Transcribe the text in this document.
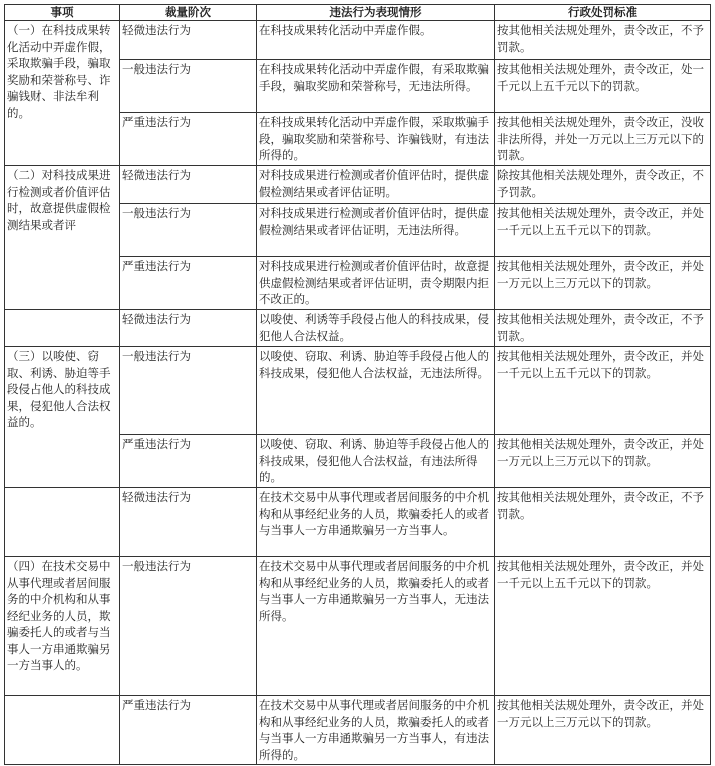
事项	裁量阶次	违法行为表现情形	行政处罚标准
（一）在科技成果转化活动中弄虚作假，采取欺骗手段，骗取奖励和荣誉称号、诈骗钱财、非法牟利的。	轻微违法行为	在科技成果转化活动中弄虚作假。	按其他相关法规处理外，责令改正，不予罚款。
	一般违法行为	在科技成果转化活动中弄虚作假，有采取欺骗手段，骗取奖励和荣誉称号，无违法所得。	按其他相关法规处理外，责令改正，处一千元以上五千元以下的罚款。
	严重违法行为	在科技成果转化活动中弄虚作假，采取欺骗手段，骗取奖励和荣誉称号、诈骗钱财，有违法所得的。	按其他相关法规处理外，责令改正，没收非法所得，并处一万元以上三万元以下的罚款。
（二）对科技成果进行检测或者价值评估时，故意提供虚假检测结果或者评	轻微违法行为	对科技成果进行检测或者价值评估时，提供虚假检测结果或者评估证明。	除按其他相关法规处理外，责令改正，不予罚款。
	一般违法行为	对科技成果进行检测或者价值评估时，提供虚假检测结果或者评估证明，无违法所得。	按其他相关法规处理外，责令改正，并处一千元以上五千元以下的罚款。
	严重违法行为	对科技成果进行检测或者价值评估时，故意提供虚假检测结果或者评估证明，责令期限内拒不改正的。	按其他相关法规处理外，责令改正，并处一万元以上三万元以下的罚款。
	轻微违法行为	以唆使、利诱等手段侵占他人的科技成果，侵犯他人合法权益。	按其他相关法规处理外，责令改正，不予罚款。
（三）以唆使、窃取、利诱、胁迫等手段侵占他人的科技成果，侵犯他人合法权益的。	一般违法行为	以唆使、窃取、利诱、胁迫等手段侵占他人的科技成果，侵犯他人合法权益，无违法所得。	按其他相关法规处理外，责令改正，并处一千元以上五千元以下的罚款。
	严重违法行为	以唆使、窃取、利诱、胁迫等手段侵占他人的科技成果，侵犯他人合法权益，有违法所得的。	按其他相关法规处理外，责令改正，并处一万元以上三万元以下的罚款。
	轻微违法行为	在技术交易中从事代理或者居间服务的中介机构和从事经纪业务的人员，欺骗委托人的或者与当事人一方串通欺骗另一方当事人。	按其他相关法规处理外，责令改正，不予罚款。
（四）在技术交易中从事代理或者居间服务的中介机构和从事经纪业务的人员，欺骗委托人的或者与当事人一方串通欺骗另一方当事人的。	一般违法行为	在技术交易中从事代理或者居间服务的中介机构和从事经纪业务的人员，欺骗委托人的或者与当事人一方串通欺骗另一方当事人，无违法所得。	按其他相关法规处理外，责令改正，并处一千元以上五千元以下的罚款。
	严重违法行为	在技术交易中从事代理或者居间服务的中介机构和从事经纪业务的人员，欺骗委托人的或者与当事人一方串通欺骗另一方当事人，有违法所得的。	按其他相关法规处理外，责令改正，并处一万元以上三万元以下的罚款。
